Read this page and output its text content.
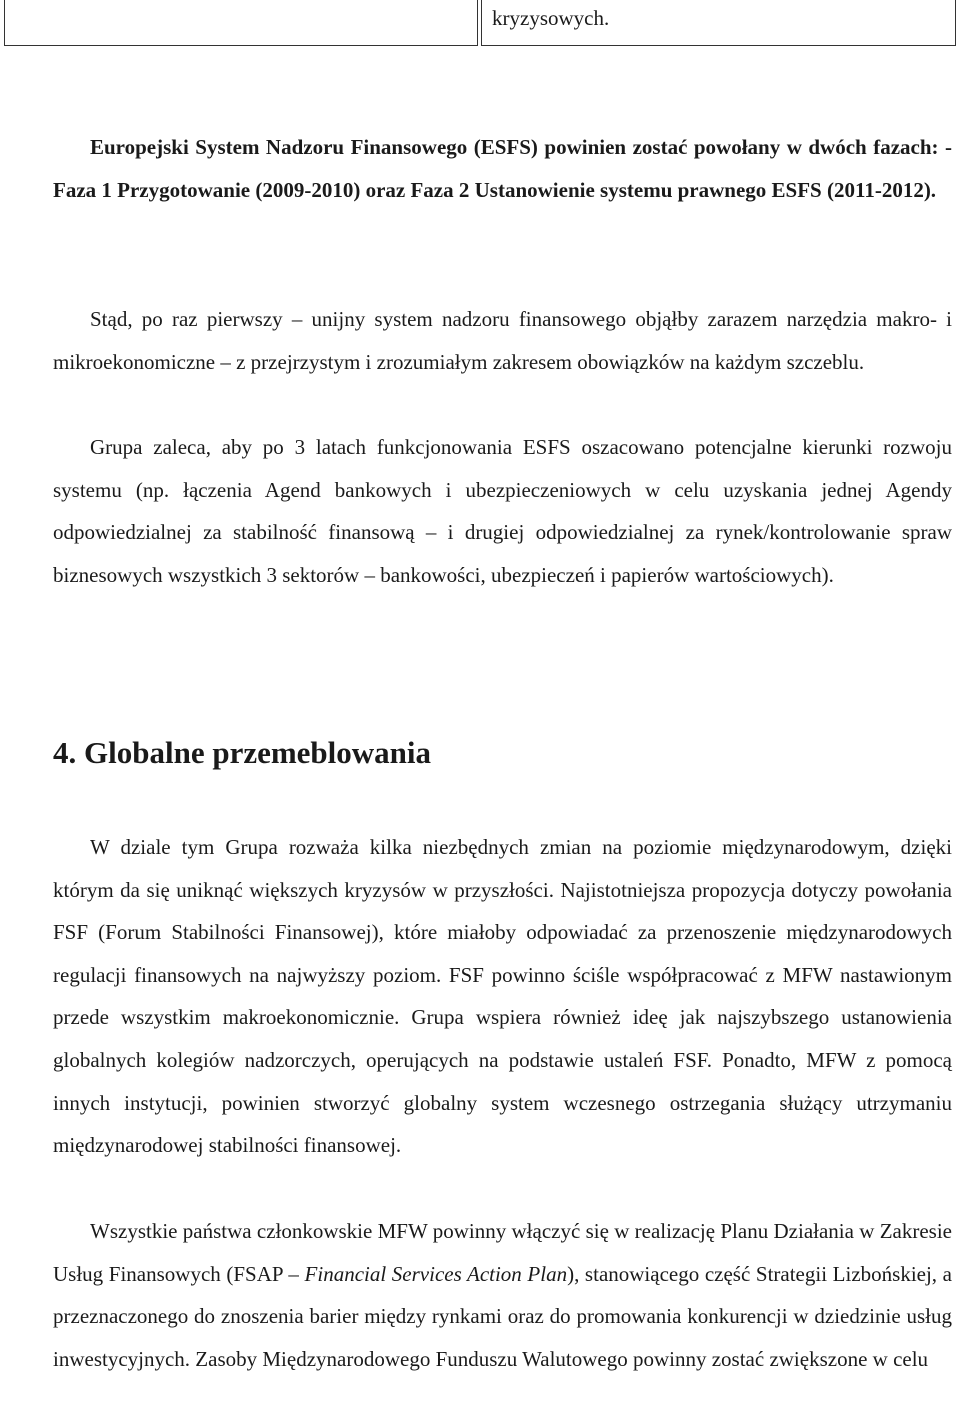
kryzysowych.

Europejski System Nadzoru Finansowego (ESFS) powinien zostać powołany w dwóch fazach: - Faza 1 Przygotowanie (2009-2010) oraz Faza 2 Ustanowienie systemu prawnego ESFS (2011-2012).

Stąd, po raz pierwszy – unijny system nadzoru finansowego objąłby zarazem narzędzia makro- i mikroekonomiczne – z przejrzystym i zrozumiałym zakresem obowiązków na każdym szczeblu.

Grupa zaleca, aby po 3 latach funkcjonowania ESFS oszacowano potencjalne kierunki rozwoju systemu (np. łączenia Agend bankowych i ubezpieczeniowych w celu uzyskania jednej Agendy odpowiedzialnej za stabilność finansową – i drugiej odpowiedzialnej za rynek/kontrolowanie spraw biznesowych wszystkich 3 sektorów – bankowości, ubezpieczeń i papierów wartościowych).

4. Globalne przemeblowania

W dziale tym Grupa rozważa kilka niezbędnych zmian na poziomie międzynarodowym, dzięki którym da się uniknąć większych kryzysów w przyszłości. Najistotniejsza propozycja dotyczy powołania FSF (Forum Stabilności Finansowej), które miałoby odpowiadać za przenoszenie międzynarodowych regulacji finansowych na najwyższy poziom. FSF powinno ściśle współpracować z MFW nastawionym przede wszystkim makroekonomicznie. Grupa wspiera również ideę jak najszybszego ustanowienia globalnych kolegiów nadzorczych, operujących na podstawie ustaleń FSF. Ponadto, MFW z pomocą innych instytucji, powinien stworzyć globalny system wczesnego ostrzegania służący utrzymaniu międzynarodowej stabilności finansowej.

Wszystkie państwa członkowskie MFW powinny włączyć się w realizację Planu Działania w Zakresie Usług Finansowych (FSAP – Financial Services Action Plan), stanowiącego część Strategii Lizbońskiej, a przeznaczonego do znoszenia barier między rynkami oraz do promowania konkurencji w dziedzinie usług inwestycyjnych. Zasoby Międzynarodowego Funduszu Walutowego powinny zostać zwiększone w celu
